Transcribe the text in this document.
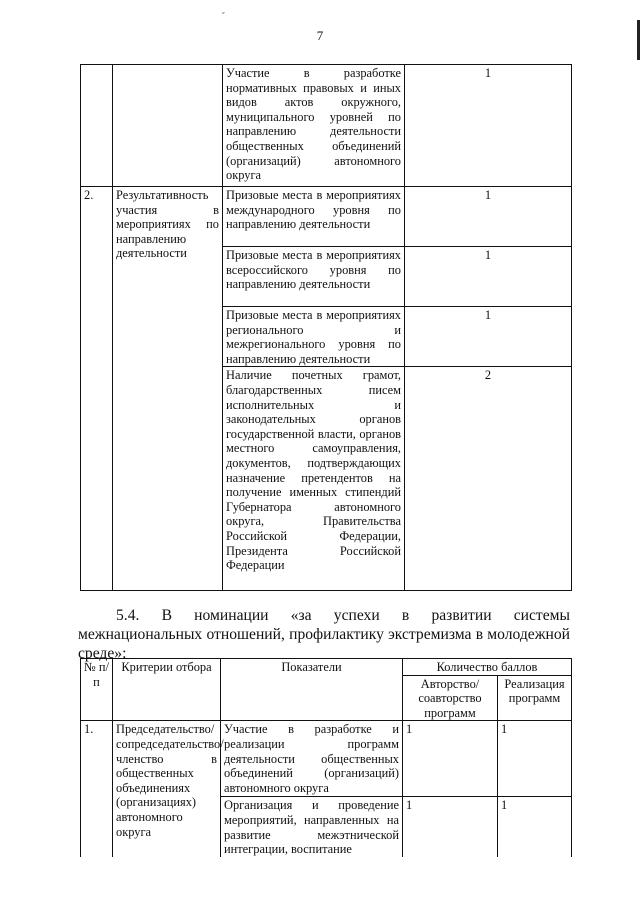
ˇ
7
		Участие в разработке нормативных правовых и иных видов актов окружного, муниципального уровней по направлению деятельности общественных объединений (организаций) автономного округа	1
2.	Результативность участия в мероприятиях по направлению деятельности	Призовые места в мероприятиях международного уровня по направлению деятельности	1
		Призовые места в мероприятиях всероссийского уровня по направлению деятельности	1
		Призовые места в мероприятиях регионального и межрегионального уровня по направлению деятельности	1
		Наличие почетных грамот, благодарственных писем исполнительных и законодательных органов государственной власти, органов местного самоуправления, документов, подтверждающих назначение претендентов на получение именных стипендий Губернатора автономного округа, Правительства Российской Федерации, Президента Российской Федерации	2
5.4. В номинации «за успехи в развитии системы межнациональных отношений, профилактику экстремизма в молодежной среде»:
№ п/п	Критерии отбора	Показатели	Количество баллов	
			Авторство/соавторство программ	Реализация программ
1.	Председательство/сопредседательство/членство в общественных объединениях (организациях) автономного округа	Участие в разработке и реализации программ деятельности общественных объединений (организаций) автономного округа	1	1
		Организация и проведение мероприятий, направленных на развитие межэтнической интеграции, воспитание	1	1
